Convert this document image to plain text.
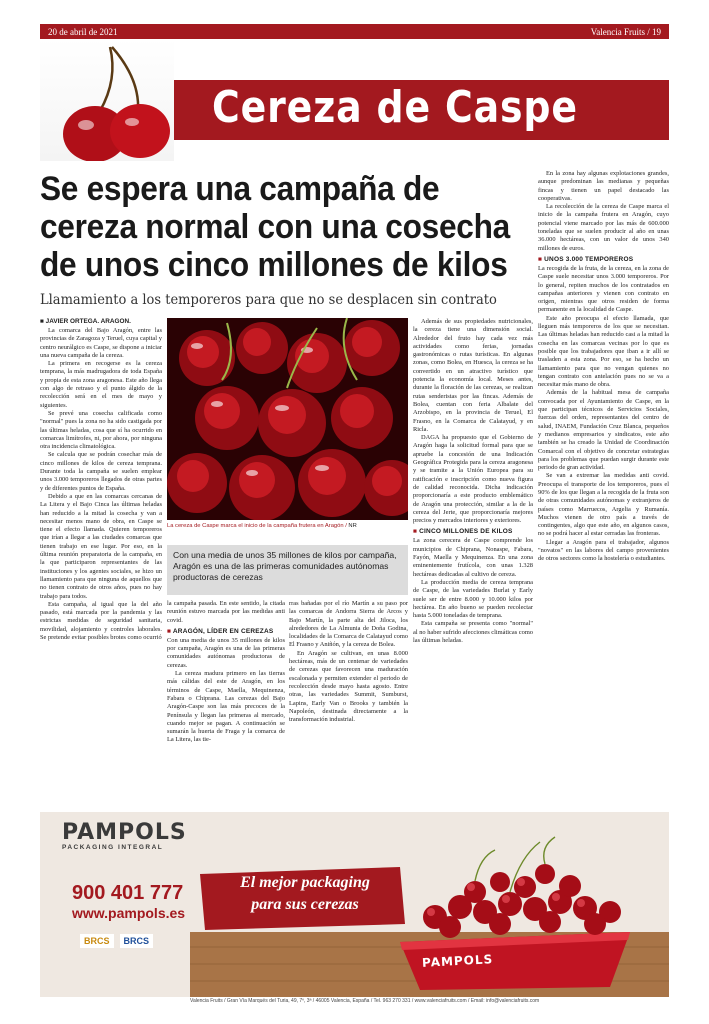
20 de abril de 2021	Valencia Fruits / 19
Cereza de Caspe
Se espera una campaña de cereza normal con una cosecha de unos cinco millones de kilos
Llamamiento a los temporeros para que no se desplacen sin contrato
■ JAVIER ORTEGA. ARAGÓN.

La comarca del Bajo Aragón, entre las provincias de Zaragoza y Teruel, cuya capital y centro neurálgico es Caspe, se dispone a iniciar una nueva campaña de la cereza.

La primera en recogerse es la cereza temprana, la más madrugadora de toda España y propia de esta zona aragonesa. Este año llega con algo de retraso y el punto álgido de la recolección será en el mes de mayo y siguientes.

Se prevé una cosecha calificada como "normal" pues la zona no ha sido castigada por las últimas heladas, cosa que sí ha ocurrido en comarcas limítrofes, ni, por ahora, por ninguna otra incidencia climatológica.

Se calcula que se podrán cosechar más de cinco millones de kilos de cereza temprana. Durante toda la campaña se suelen emplear unos 3.000 temporeros llegados de otras partes y de diferentes puntos de España.

Debido a que en las comarcas cercanas de La Litera y el Bajo Cinca las últimas heladas han reducido a la mitad la cosecha y van a necesitar menos mano de obra, en Caspe se tiene el efecto llamada. Quieren temporeros que irían a llegar a las ciudades comarcas que tienen trabajo en ese lugar. Por eso, en la última reunión preparatoria de la campaña, en la que participaron representantes de las instituciones y los agentes sociales, se hizo un llamamiento para que ninguna de aquellos que no tienen contrato de otros años, pues no hay trabajo para todos.

Esta campaña, al igual que la del año pasado, está marcada por la pandemia y las estrictas medidas de seguridad sanitaria, movilidad, alojamiento y controles laborales. Se pretende evitar posibles brotes como ocurrió

La cereza de Caspe marca el inicio de la campaña frutera en Aragón / NR
Con una media de unos 35 millones de kilos por campaña, Aragón es una de las primeras comunidades autónomas productoras de cerezas

la campaña pasada. En este sentido, la citada reunión estuvo marcada por las medidas anti covid.

■ ARAGÓN, LÍDER EN CEREZAS

Con una media de unos 35 millones de kilos por campaña, Aragón es una de las primeras comunidades autónomas productoras de cerezas.

La cereza madura primero en las tierras más cálidas del este de Aragón, en los términos de Caspe, Maella, Mequinenza, Fabara o Chiprana. Las cerezas del Bajo Aragón-Caspe son las más precoces de la Península y llegan las primeras al mercado, cuando mejor se pagan. A continuación se sumarán la huerta de Fraga y la comarca de La Litera, las tie-

rras bañadas por el río Martín a su paso por las comarcas de Andorra Sierra de Arcos y Bajo Martín, la parte alta del Jiloca, los alrededores de La Almunia de Doña Godina, localidades de la Comarca de Calatayud como El Frasno y Aniñón, y la cereza de Bolea.

En Aragón se cultivan, en unas 8.000 hectáreas, más de un centenar de variedades de cerezas que favorecen una maduración escalonada y permiten extender el periodo de recolección desde mayo hasta agosto. Entre otras, las variedades Summit, Sumburst, Lapins, Early Van o Brooks y también la Napoleón, destinada directamente a la transformación industrial.

Además de sus propiedades nutricionales, la cereza tiene una dimensión social. Alrededor del fruto hay cada vez más actividades como ferias, jornadas gastronómicas o rutas turísticas. En algunas zonas, como Bolea, en Huesca, la cereza se ha convertido en un atractivo turístico que potencia la economía local. Meses antes, durante la floración de las cerezas, se realizan rutas senderistas por las fincas. Además de Bolea, cuentan con feria Albalate del Arzobispo, en la provincia de Teruel, El Frasno, en la Comarca de Calatayud, y en Ricla.

DAGA ha propuesto que el Gobierno de Aragón haga la solicitud formal para que se apruebe la concesión de una Indicación Geográfica Protegida para la cereza aragonesa y se tramite a la Unión Europea para su ratificación e inscripción como nueva figura de calidad reconocida. Dicha indicación proporcionaría a este producto emblemático de Aragón una protección, similar a la de la cereza del Jerte, que proporcionaría mejores precios y mercados interiores y exteriores.

■ CINCO MILLONES DE KILOS

La zona cerecera de Caspe comprende los municipios de Chiprana, Nonaspe, Fabara, Fayón, Maella y Mequinenza. En una zona eminentemente frutícola, con unas 1.328 hectáreas dedicadas al cultivo de cereza.

La producción media de cereza temprana de Caspe, de las variedades Burlat y Early suele ser de entre 8.000 y 10.000 kilos por hectárea. En año bueno se pueden recolectar hasta 5.000 toneladas de temprana.

Esta campaña se presenta como "normal" al no haber sufrido afecciones climáticas como las últimas heladas.

En la zona hay algunas explotaciones grandes, aunque predominan las medianas y pequeñas fincas y tienen un papel destacado las cooperativas.

La recolección de la cereza de Caspe marca el inicio de la campaña frutera en Aragón, cuyo potencial viene marcado por las más de 600.000 toneladas que se suelen producir al año en unas 36.000 hectáreas, con un valor de unos 340 millones de euros.

■ UNOS 3.000 TEMPOREROS

La recogida de la fruta, de la cereza, en la zona de Caspe suele necesitar unos 3.000 temporeros. Por lo general, repiten muchos de los contratados en campañas anteriores y vienen con contrato en origen, mientras que otros residen de forma permanente en la localidad de Caspe.

Este año preocupa el efecto llamada, que lleguen más temporeros de los que se necesitan. Las últimas heladas han reducido casi a la mitad la cosecha en las comarcas vecinas por lo que es posible que los trabajadores que iban a ir allí se trasladen a esta zona. Por eso, se ha hecho un llamamiento para que no vengan quienes no tengan contrato con antelación pues no se va a necesitar más mano de obra.

Además de la habitual mesa de campaña convocada por el Ayuntamiento de Caspe, en la que participan técnicos de Servicios Sociales, fuerzas del orden, representantes del centro de salud, INAEM, Fundación Cruz Blanca, pequeños y medianos empresarios y sindicatos, este año también se ha creado la Unidad de Coordinación Comarcal con el objetivo de concretar estrategias para los problemas que puedan surgir durante este periodo de gran actividad.

Se van a extremar las medidas anti covid. Preocupa el transporte de los temporeros, pues el 90% de los que llegan a la recogida de la fruta son de otras comunidades autónomas y extranjeros de países como Marruecos, Argelia y Rumanía. Muchos vienen de otro país a través de contingentes, algo que este año, en algunos casos, no se podrá hacer al estar cerradas las fronteras.

Llegar a Aragón para el trabajador, algunos "novatos" en las labores del campo provenientes de otros sectores como la hostelería o estudiantes.

PAMPOLS
PACKAGING INTEGRAL
900 401 777
www.pampols.es
BRCS	BRCS
El mejor packaging
para sus cerezas
PAMPOLS
Valencia Fruits / Gran Vía Marqués del Turia, 49, 7º, 3ª / 46005 Valencia, España / Tel. 963 270 331 / www.valenciafruits.com / Email: info@valenciafruits.com
